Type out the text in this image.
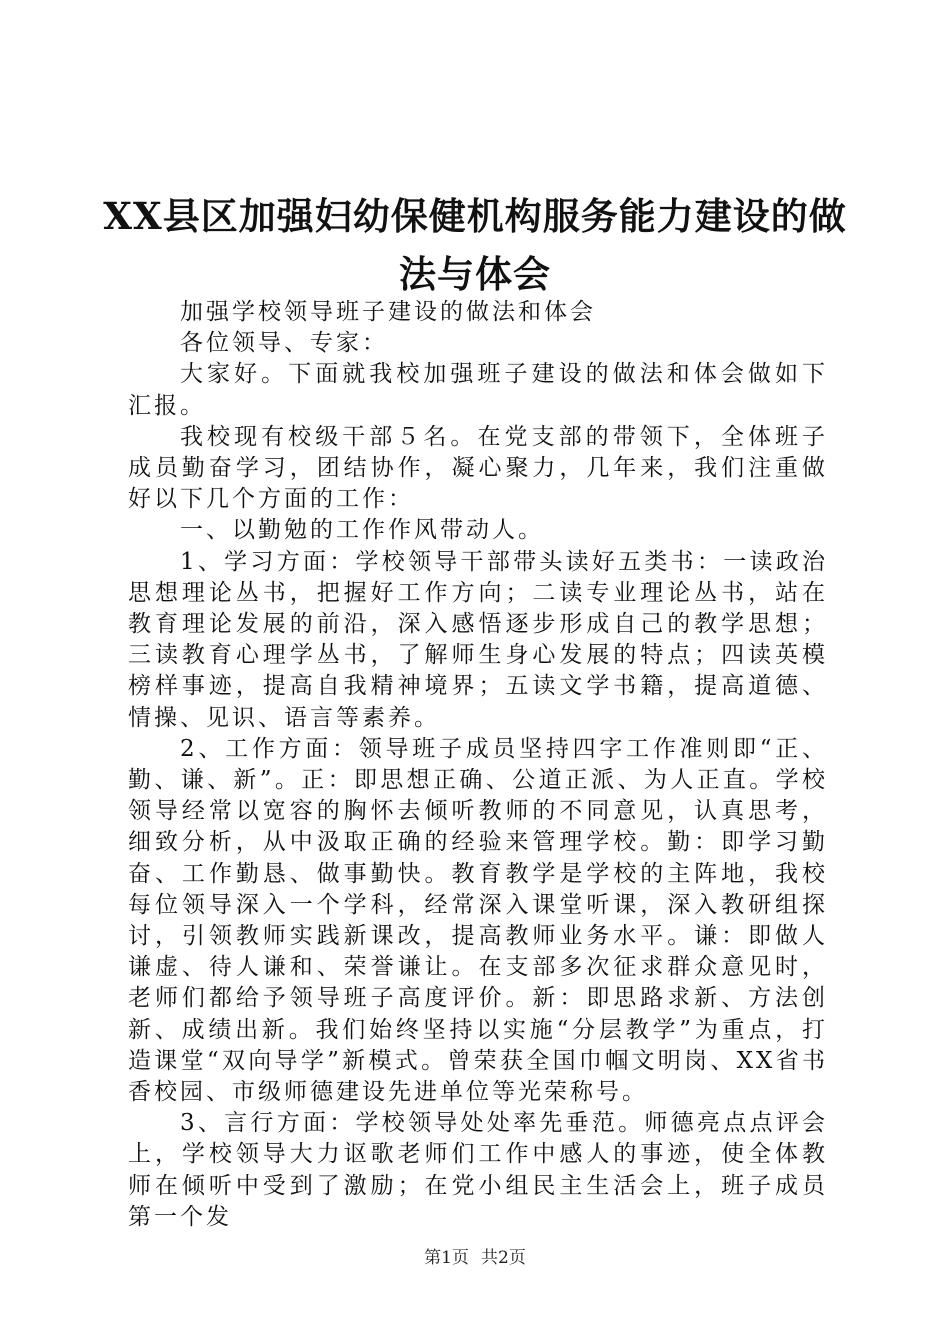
XX县区加强妇幼保健机构服务能力建设的做
法与体会

加强学校领导班子建设的做法和体会

各位领导、专家：

大家好。下面就我校加强班子建设的做法和体会做如下汇报。

我校现有校级干部５名。在党支部的带领下，全体班子成员勤奋学习，团结协作，凝心聚力，几年来，我们注重做好以下几个方面的工作：

一、以勤勉的工作作风带动人。

1、学习方面：学校领导干部带头读好五类书：一读政治思想理论丛书，把握好工作方向；二读专业理论丛书，站在教育理论发展的前沿，深入感悟逐步形成自己的教学思想；三读教育心理学丛书，了解师生身心发展的特点；四读英模榜样事迹，提高自我精神境界；五读文学书籍，提高道德、情操、见识、语言等素养。

2、工作方面：领导班子成员坚持四字工作准则即“正、勤、谦、新”。正：即思想正确、公道正派、为人正直。学校领导经常以宽容的胸怀去倾听教师的不同意见，认真思考，细致分析，从中汲取正确的经验来管理学校。勤：即学习勤奋、工作勤恳、做事勤快。教育教学是学校的主阵地，我校每位领导深入一个学科，经常深入课堂听课，深入教研组探讨，引领教师实践新课改，提高教师业务水平。谦：即做人谦虚、待人谦和、荣誉谦让。在支部多次征求群众意见时，老师们都给予领导班子高度评价。新：即思路求新、方法创新、成绩出新。我们始终坚持以实施“分层教学”为重点，打造课堂“双向导学”新模式。曾荣获全国巾帼文明岗、XX省书香校园、市级师德建设先进单位等光荣称号。

3、言行方面：学校领导处处率先垂范。师德亮点点评会上，学校领导大力讴歌老师们工作中感人的事迹，使全体教师在倾听中受到了激励；在党小组民主生活会上，班子成员第一个发

第1页 共2页
